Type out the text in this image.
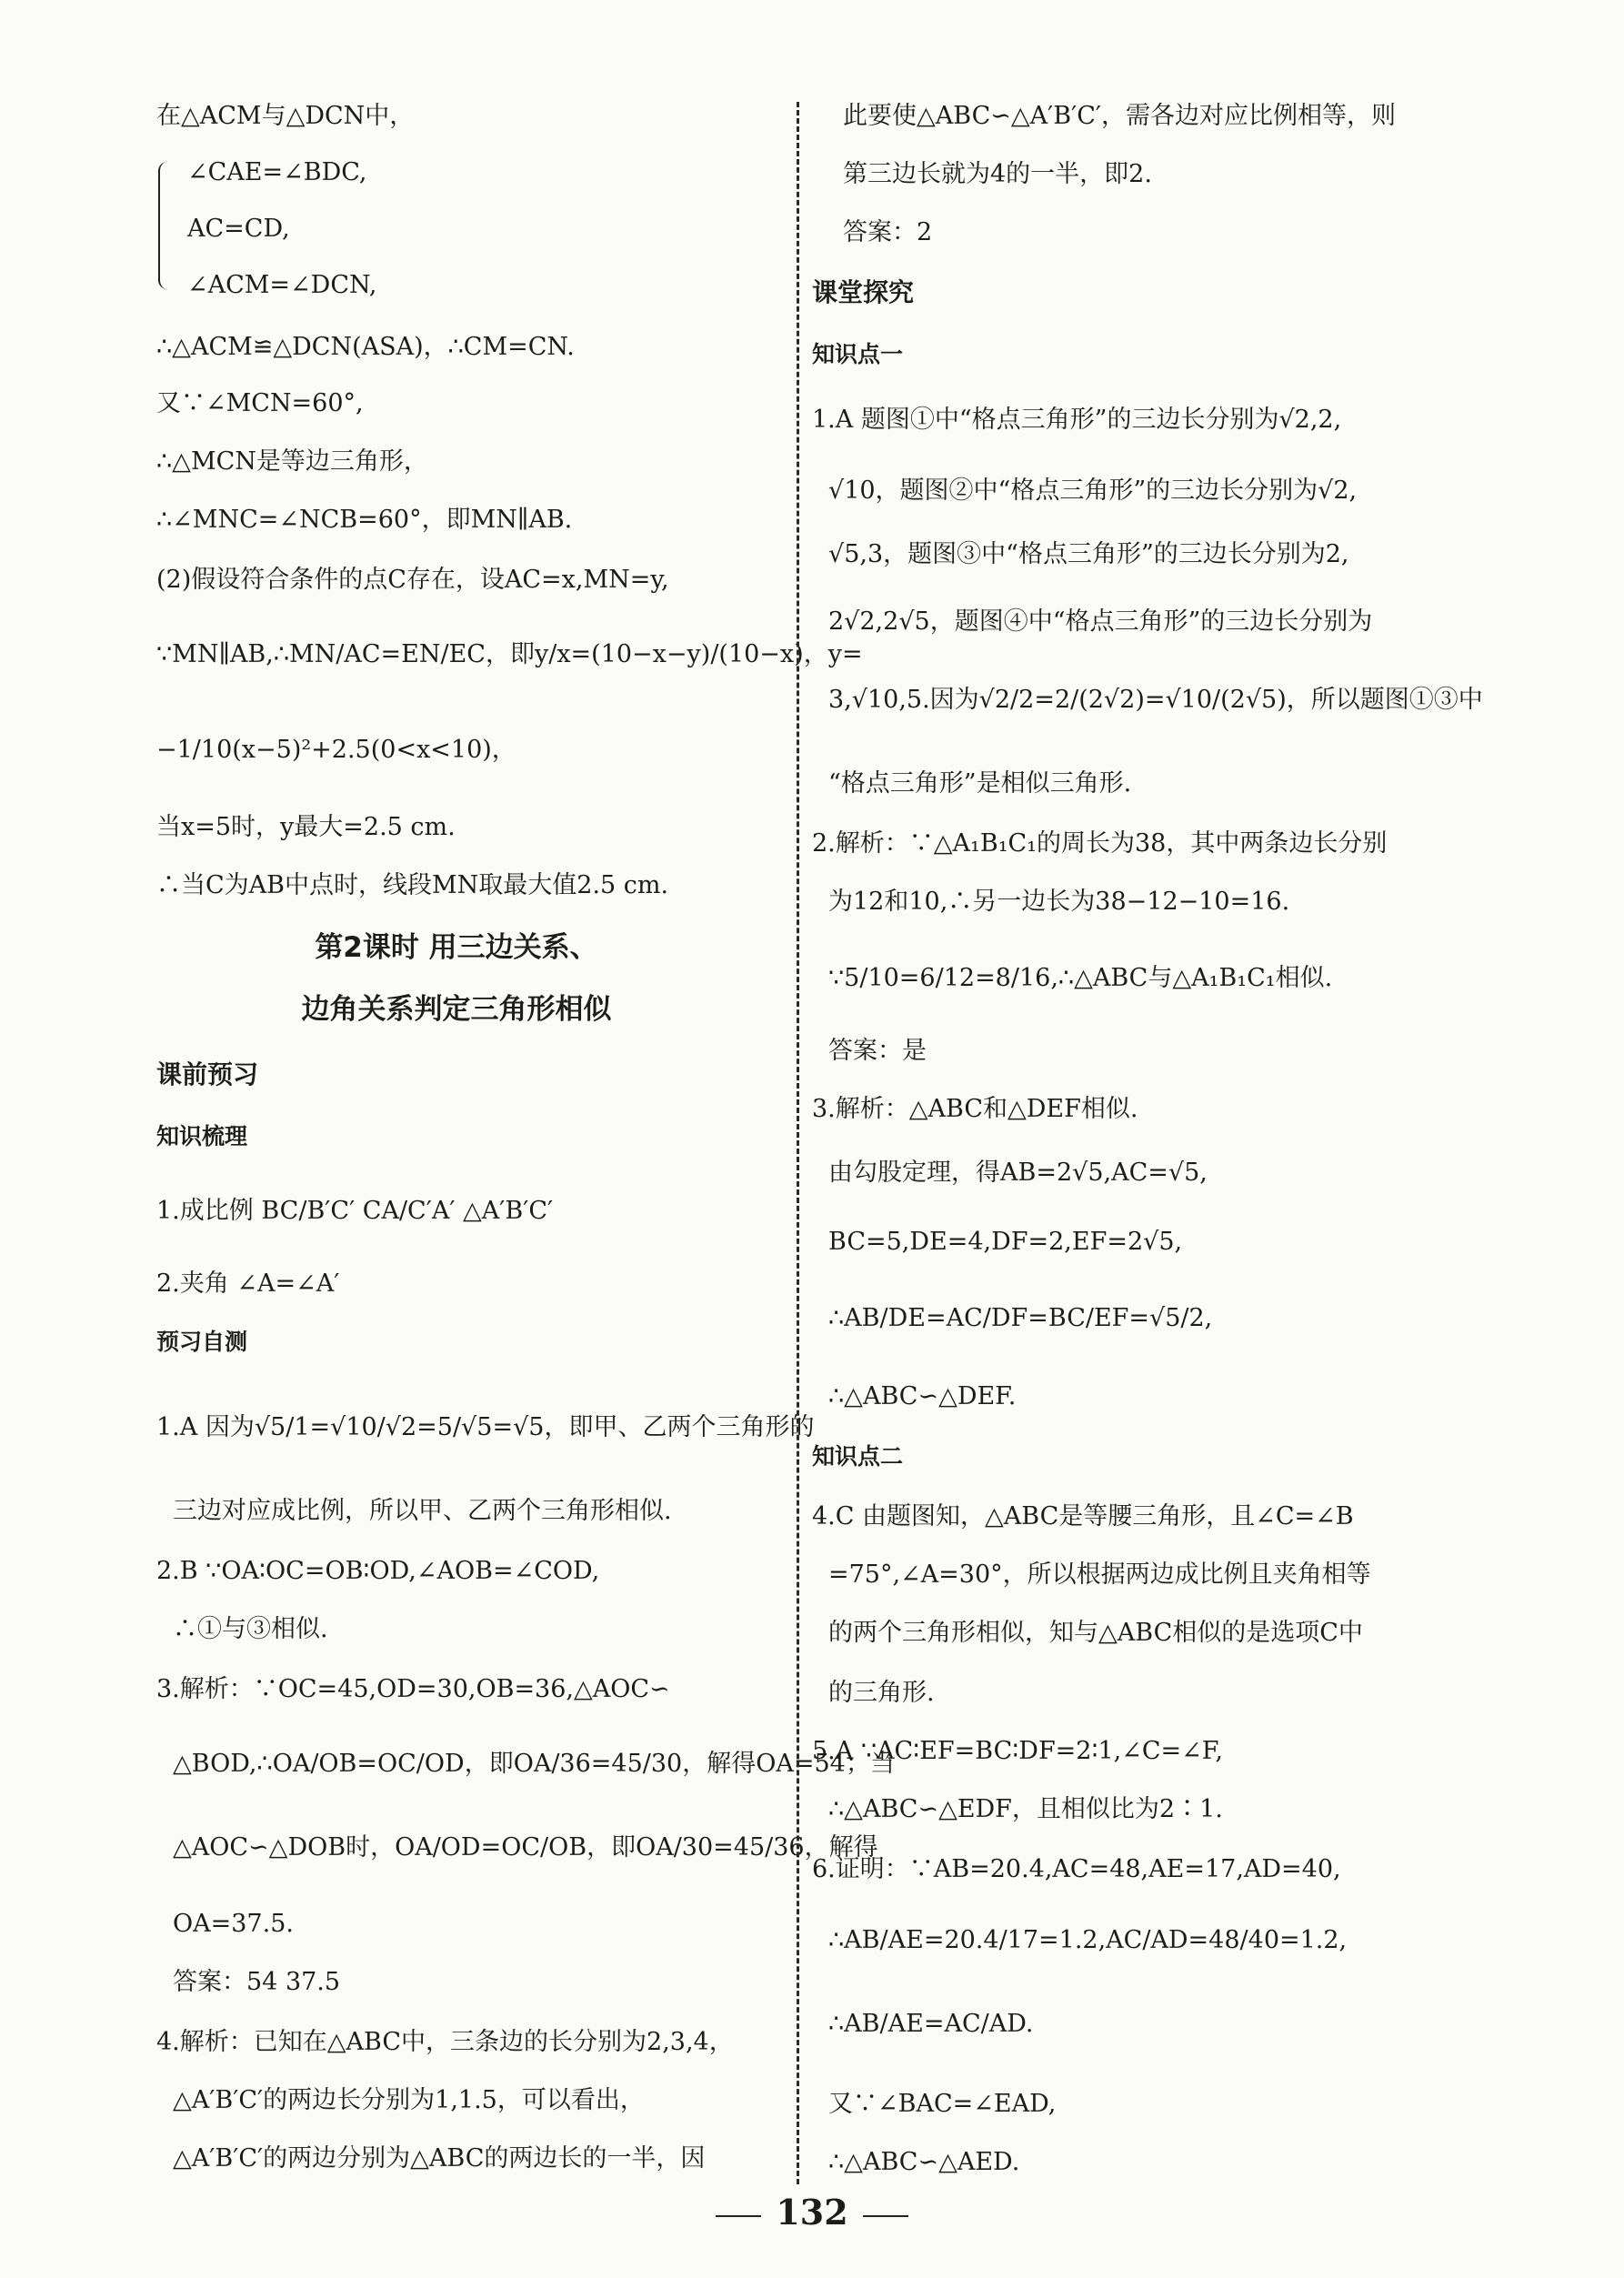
在△ACM与△DCN中，
∠CAE=∠BDC,
AC=CD,
∠ACM=∠DCN,
∴△ACM≌△DCN(ASA)，∴CM=CN.
又∵∠MCN=60°,
∴△MCN是等边三角形，
∴∠MNC=∠NCB=60°，即MN∥AB.
(2)假设符合条件的点C存在，设AC=x,MN=y,
∵MN∥AB,∴MN/AC=EN/EC，即y/x=(10−x−y)/(10−x)，y=
−1/10(x−5)²+2.5(0<x<10)，
当x=5时，y最大=2.5 cm.
∴当C为AB中点时，线段MN取最大值2.5 cm.
第2课时 用三边关系、
边角关系判定三角形相似
课前预习
知识梳理
1.成比例 BC/B′C′ CA/C′A′ △A′B′C′
2.夹角 ∠A=∠A′
预习自测
1.A 因为√5/1=√10/√2=5/√5=√5，即甲、乙两个三角形的
三边对应成比例，所以甲、乙两个三角形相似.
2.B ∵OA∶OC=OB∶OD,∠AOB=∠COD,
∴①与③相似.
3.解析：∵OC=45,OD=30,OB=36,△AOC∽
△BOD,∴OA/OB=OC/OD，即OA/36=45/30，解得OA=54；当
△AOC∽△DOB时，OA/OD=OC/OB，即OA/30=45/36，解得
OA=37.5.
答案：54 37.5
4.解析：已知在△ABC中，三条边的长分别为2,3,4，
△A′B′C′的两边长分别为1,1.5，可以看出，
△A′B′C′的两边分别为△ABC的两边长的一半，因
此要使△ABC∽△A′B′C′，需各边对应比例相等，则
第三边长就为4的一半，即2.
答案：2
课堂探究
知识点一
1.A 题图①中“格点三角形”的三边长分别为√2,2,
√10，题图②中“格点三角形”的三边长分别为√2,
√5,3，题图③中“格点三角形”的三边长分别为2,
2√2,2√5，题图④中“格点三角形”的三边长分别为
3,√10,5.因为√2/2=2/(2√2)=√10/(2√5)，所以题图①③中
“格点三角形”是相似三角形.
2.解析：∵△A₁B₁C₁的周长为38，其中两条边长分别
为12和10,∴另一边长为38−12−10=16.
∵5/10=6/12=8/16,∴△ABC与△A₁B₁C₁相似.
答案：是
3.解析：△ABC和△DEF相似.
由勾股定理，得AB=2√5,AC=√5,
BC=5,DE=4,DF=2,EF=2√5,
∴AB/DE=AC/DF=BC/EF=√5/2,
∴△ABC∽△DEF.
知识点二
4.C 由题图知，△ABC是等腰三角形，且∠C=∠B
=75°,∠A=30°，所以根据两边成比例且夹角相等
的两个三角形相似，知与△ABC相似的是选项C中
的三角形.
5.A ∵AC∶EF=BC∶DF=2∶1,∠C=∠F,
∴△ABC∽△EDF，且相似比为2∶1.
6.证明：∵AB=20.4,AC=48,AE=17,AD=40,
∴AB/AE=20.4/17=1.2,AC/AD=48/40=1.2,
∴AB/AE=AC/AD.
又∵∠BAC=∠EAD,
∴△ABC∽△AED.
132
